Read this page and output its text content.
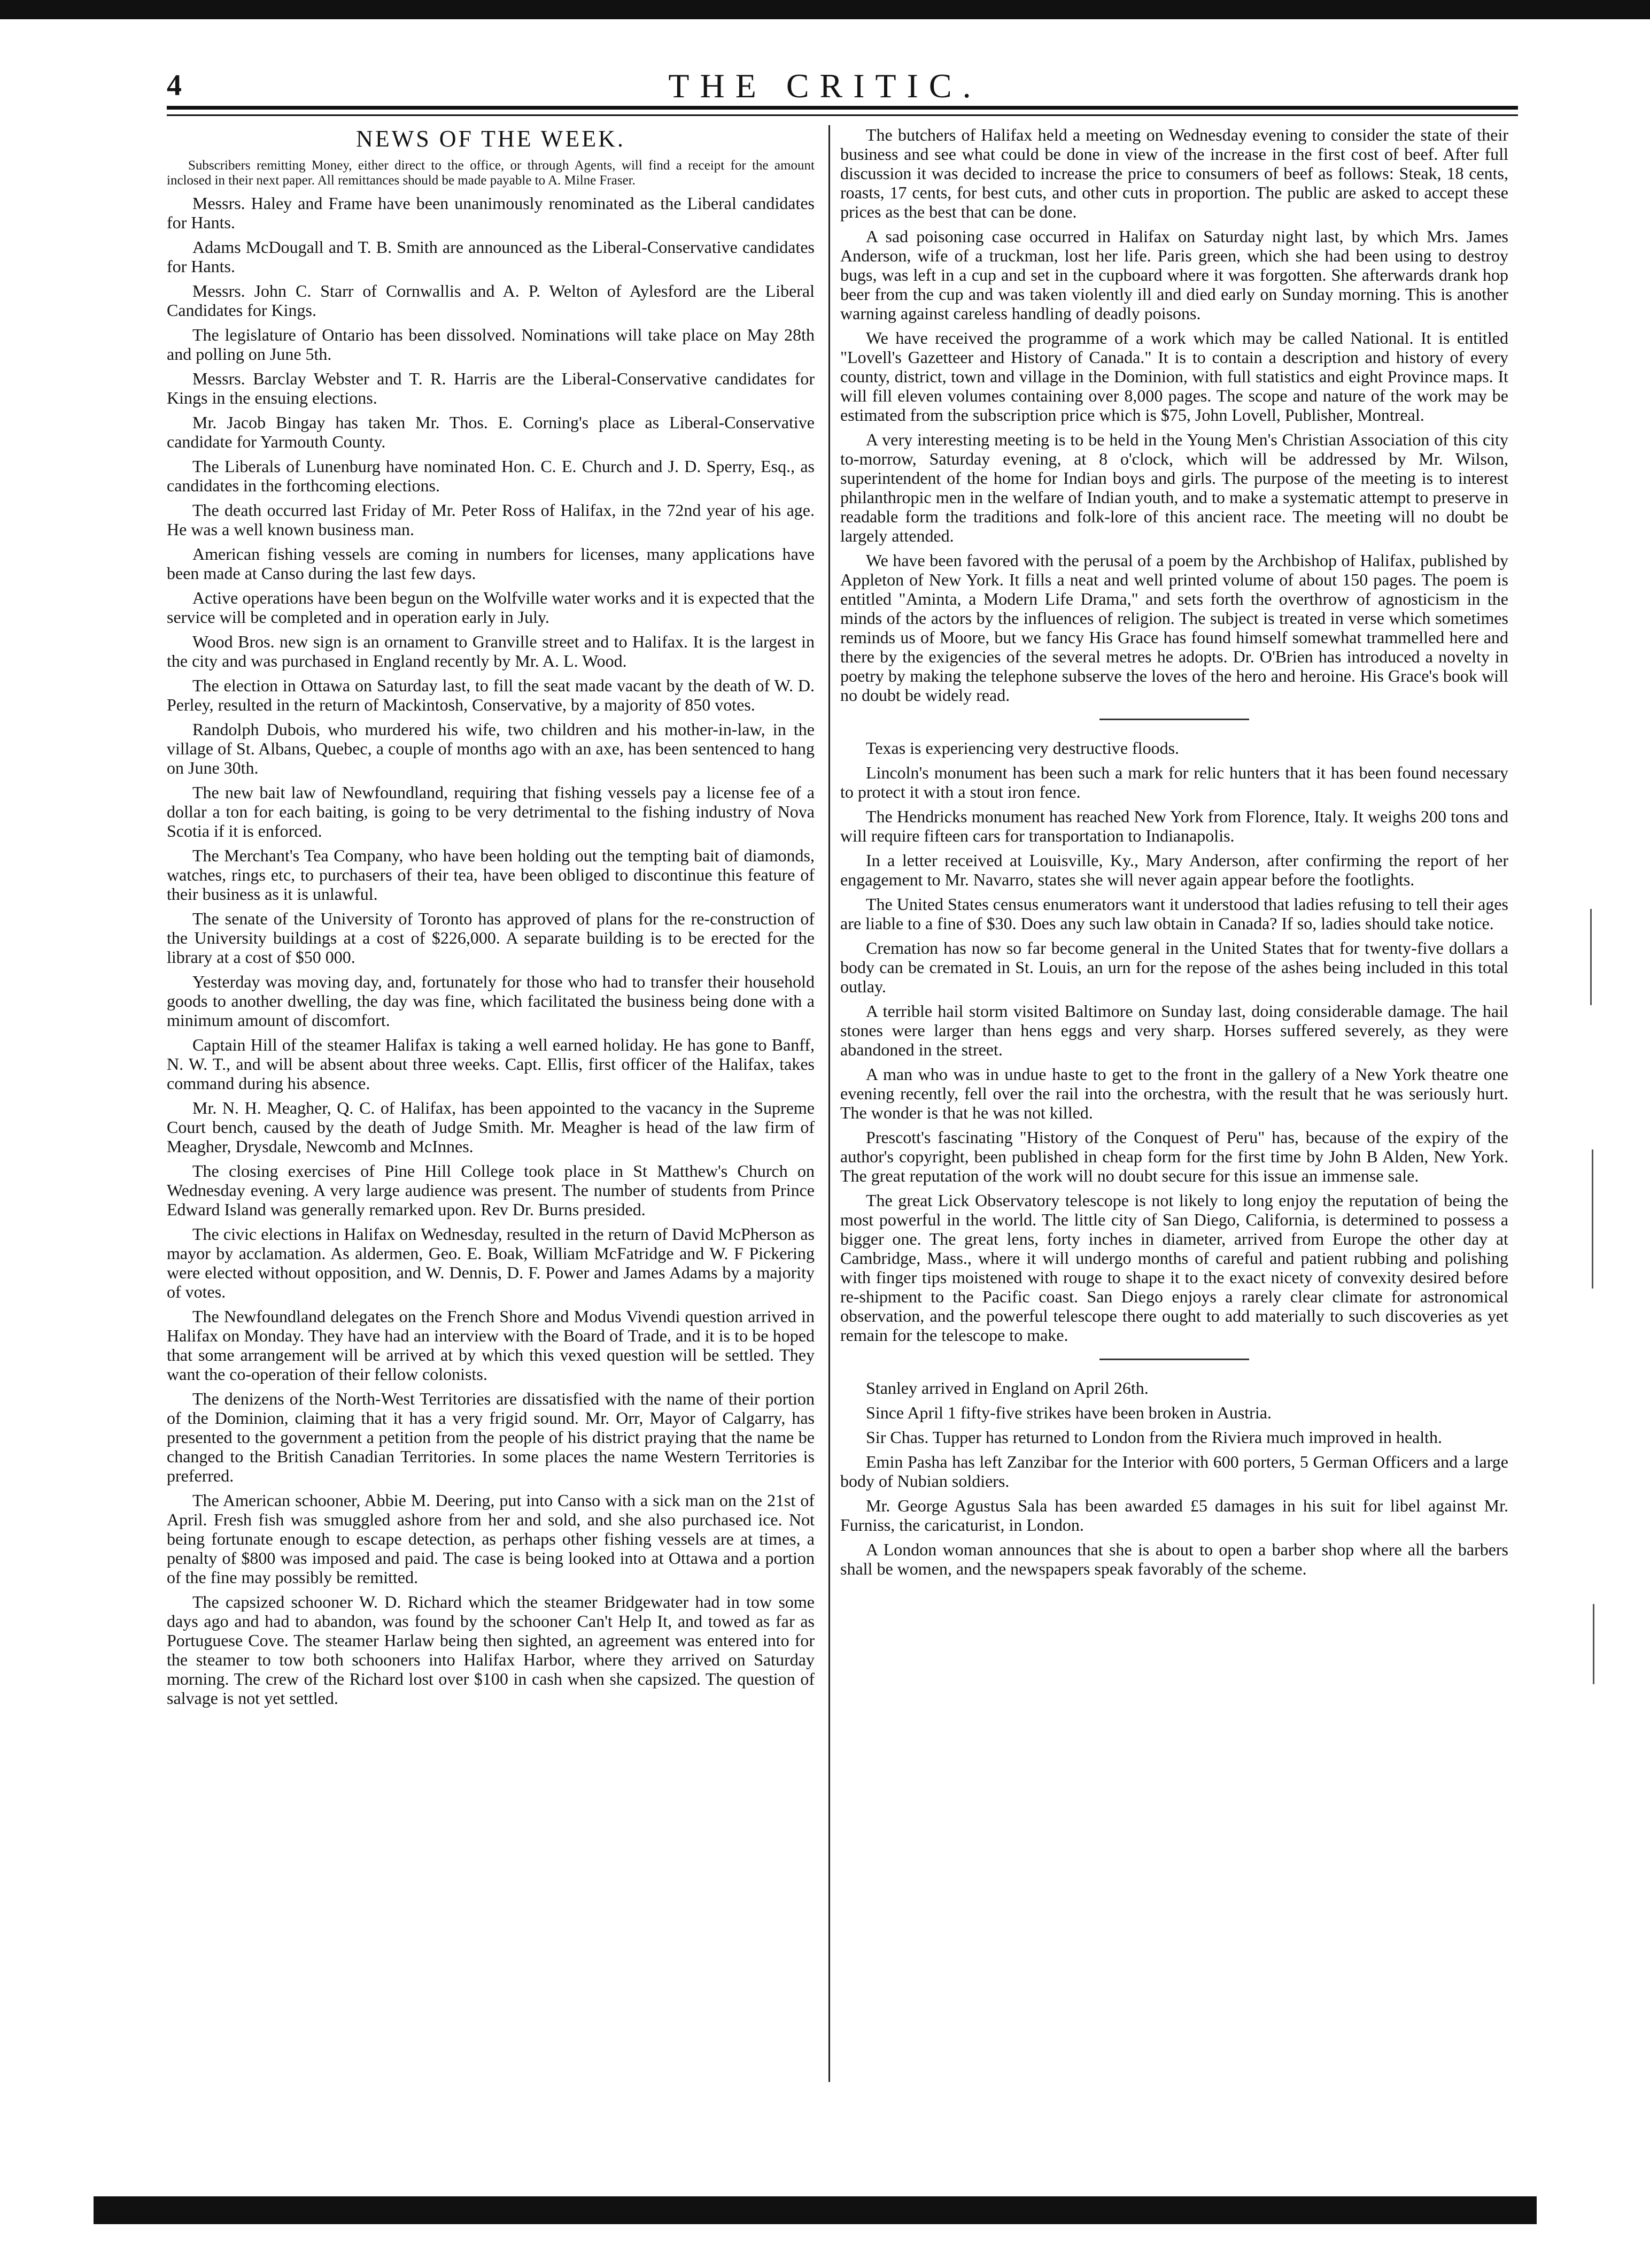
4	THE CRITIC.
NEWS OF THE WEEK.

Subscribers remitting Money, either direct to the office, or through Agents, will find a receipt for the amount inclosed in their next paper. All remittances should be made payable to A. Milne Fraser.

Messrs. Haley and Frame have been unanimously renominated as the Liberal candidates for Hants.

Adams McDougall and T. B. Smith are announced as the Liberal-Conservative candidates for Hants.

Messrs. John C. Starr of Cornwallis and A. P. Welton of Aylesford are the Liberal Candidates for Kings.

The legislature of Ontario has been dissolved. Nominations will take place on May 28th and polling on June 5th.

Messrs. Barclay Webster and T. R. Harris are the Liberal-Conservative candidates for Kings in the ensuing elections.

Mr. Jacob Bingay has taken Mr. Thos. E. Corning's place as Liberal-Conservative candidate for Yarmouth County.

The Liberals of Lunenburg have nominated Hon. C. E. Church and J. D. Sperry, Esq., as candidates in the forthcoming elections.

The death occurred last Friday of Mr. Peter Ross of Halifax, in the 72nd year of his age. He was a well known business man.

American fishing vessels are coming in numbers for licenses, many applications have been made at Canso during the last few days.

Active operations have been begun on the Wolfville water works and it is expected that the service will be completed and in operation early in July.

Wood Bros. new sign is an ornament to Granville street and to Halifax. It is the largest in the city and was purchased in England recently by Mr. A. L. Wood.

The election in Ottawa on Saturday last, to fill the seat made vacant by the death of W. D. Perley, resulted in the return of Mackintosh, Conservative, by a majority of 850 votes.

Randolph Dubois, who murdered his wife, two children and his mother-in-law, in the village of St. Albans, Quebec, a couple of months ago with an axe, has been sentenced to hang on June 30th.

The new bait law of Newfoundland, requiring that fishing vessels pay a license fee of a dollar a ton for each baiting, is going to be very detrimental to the fishing industry of Nova Scotia if it is enforced.

The Merchant's Tea Company, who have been holding out the tempting bait of diamonds, watches, rings etc, to purchasers of their tea, have been obliged to discontinue this feature of their business as it is unlawful.

The senate of the University of Toronto has approved of plans for the re-construction of the University buildings at a cost of $226,000. A separate building is to be erected for the library at a cost of $50 000.

Yesterday was moving day, and, fortunately for those who had to transfer their household goods to another dwelling, the day was fine, which facilitated the business being done with a minimum amount of discomfort.

Captain Hill of the steamer Halifax is taking a well earned holiday. He has gone to Banff, N. W. T., and will be absent about three weeks. Capt. Ellis, first officer of the Halifax, takes command during his absence.

Mr. N. H. Meagher, Q. C. of Halifax, has been appointed to the vacancy in the Supreme Court bench, caused by the death of Judge Smith. Mr. Meagher is head of the law firm of Meagher, Drysdale, Newcomb and McInnes.

The closing exercises of Pine Hill College took place in St Matthew's Church on Wednesday evening. A very large audience was present. The number of students from Prince Edward Island was generally remarked upon. Rev Dr. Burns presided.

The civic elections in Halifax on Wednesday, resulted in the return of David McPherson as mayor by acclamation. As aldermen, Geo. E. Boak, William McFatridge and W. F Pickering were elected without opposition, and W. Dennis, D. F. Power and James Adams by a majority of votes.

The Newfoundland delegates on the French Shore and Modus Vivendi question arrived in Halifax on Monday. They have had an interview with the Board of Trade, and it is to be hoped that some arrangement will be arrived at by which this vexed question will be settled. They want the co-operation of their fellow colonists.

The denizens of the North-West Territories are dissatisfied with the name of their portion of the Dominion, claiming that it has a very frigid sound. Mr. Orr, Mayor of Calgarry, has presented to the government a petition from the people of his district praying that the name be changed to the British Canadian Territories. In some places the name Western Territories is preferred.

The American schooner, Abbie M. Deering, put into Canso with a sick man on the 21st of April. Fresh fish was smuggled ashore from her and sold, and she also purchased ice. Not being fortunate enough to escape detection, as perhaps other fishing vessels are at times, a penalty of $800 was imposed and paid. The case is being looked into at Ottawa and a portion of the fine may possibly be remitted.

The capsized schooner W. D. Richard which the steamer Bridgewater had in tow some days ago and had to abandon, was found by the schooner Can't Help It, and towed as far as Portuguese Cove. The steamer Harlaw being then sighted, an agreement was entered into for the steamer to tow both schooners into Halifax Harbor, where they arrived on Saturday morning. The crew of the Richard lost over $100 in cash when she capsized. The question of salvage is not yet settled.

The butchers of Halifax held a meeting on Wednesday evening to consider the state of their business and see what could be done in view of the increase in the first cost of beef. After full discussion it was decided to increase the price to consumers of beef as follows: Steak, 18 cents, roasts, 17 cents, for best cuts, and other cuts in proportion. The public are asked to accept these prices as the best that can be done.

A sad poisoning case occurred in Halifax on Saturday night last, by which Mrs. James Anderson, wife of a truckman, lost her life. Paris green, which she had been using to destroy bugs, was left in a cup and set in the cupboard where it was forgotten. She afterwards drank hop beer from the cup and was taken violently ill and died early on Sunday morning. This is another warning against careless handling of deadly poisons.

We have received the programme of a work which may be called National. It is entitled "Lovell's Gazetteer and History of Canada." It is to contain a description and history of every county, district, town and village in the Dominion, with full statistics and eight Province maps. It will fill eleven volumes containing over 8,000 pages. The scope and nature of the work may be estimated from the subscription price which is $75, John Lovell, Publisher, Montreal.

A very interesting meeting is to be held in the Young Men's Christian Association of this city to-morrow, Saturday evening, at 8 o'clock, which will be addressed by Mr. Wilson, superintendent of the home for Indian boys and girls. The purpose of the meeting is to interest philanthropic men in the welfare of Indian youth, and to make a systematic attempt to preserve in readable form the traditions and folk-lore of this ancient race. The meeting will no doubt be largely attended.

We have been favored with the perusal of a poem by the Archbishop of Halifax, published by Appleton of New York. It fills a neat and well printed volume of about 150 pages. The poem is entitled "Aminta, a Modern Life Drama," and sets forth the overthrow of agnosticism in the minds of the actors by the influences of religion. The subject is treated in verse which sometimes reminds us of Moore, but we fancy His Grace has found himself somewhat trammelled here and there by the exigencies of the several metres he adopts. Dr. O'Brien has introduced a novelty in poetry by making the telephone subserve the loves of the hero and heroine. His Grace's book will no doubt be widely read.

Texas is experiencing very destructive floods.

Lincoln's monument has been such a mark for relic hunters that it has been found necessary to protect it with a stout iron fence.

The Hendricks monument has reached New York from Florence, Italy. It weighs 200 tons and will require fifteen cars for transportation to Indianapolis.

In a letter received at Louisville, Ky., Mary Anderson, after confirming the report of her engagement to Mr. Navarro, states she will never again appear before the footlights.

The United States census enumerators want it understood that ladies refusing to tell their ages are liable to a fine of $30. Does any such law obtain in Canada? If so, ladies should take notice.

Cremation has now so far become general in the United States that for twenty-five dollars a body can be cremated in St. Louis, an urn for the repose of the ashes being included in this total outlay.

A terrible hail storm visited Baltimore on Sunday last, doing considerable damage. The hail stones were larger than hens eggs and very sharp. Horses suffered severely, as they were abandoned in the street.

A man who was in undue haste to get to the front in the gallery of a New York theatre one evening recently, fell over the rail into the orchestra, with the result that he was seriously hurt. The wonder is that he was not killed.

Prescott's fascinating "History of the Conquest of Peru" has, because of the expiry of the author's copyright, been published in cheap form for the first time by John B Alden, New York. The great reputation of the work will no doubt secure for this issue an immense sale.

The great Lick Observatory telescope is not likely to long enjoy the reputation of being the most powerful in the world. The little city of San Diego, California, is determined to possess a bigger one. The great lens, forty inches in diameter, arrived from Europe the other day at Cambridge, Mass., where it will undergo months of careful and patient rubbing and polishing with finger tips moistened with rouge to shape it to the exact nicety of convexity desired before re-shipment to the Pacific coast. San Diego enjoys a rarely clear climate for astronomical observation, and the powerful telescope there ought to add materially to such discoveries as yet remain for the telescope to make.

Stanley arrived in England on April 26th.

Since April 1 fifty-five strikes have been broken in Austria.

Sir Chas. Tupper has returned to London from the Riviera much improved in health.

Emin Pasha has left Zanzibar for the Interior with 600 porters, 5 German Officers and a large body of Nubian soldiers.

Mr. George Agustus Sala has been awarded £5 damages in his suit for libel against Mr. Furniss, the caricaturist, in London.

A London woman announces that she is about to open a barber shop where all the barbers shall be women, and the newspapers speak favorably of the scheme.
